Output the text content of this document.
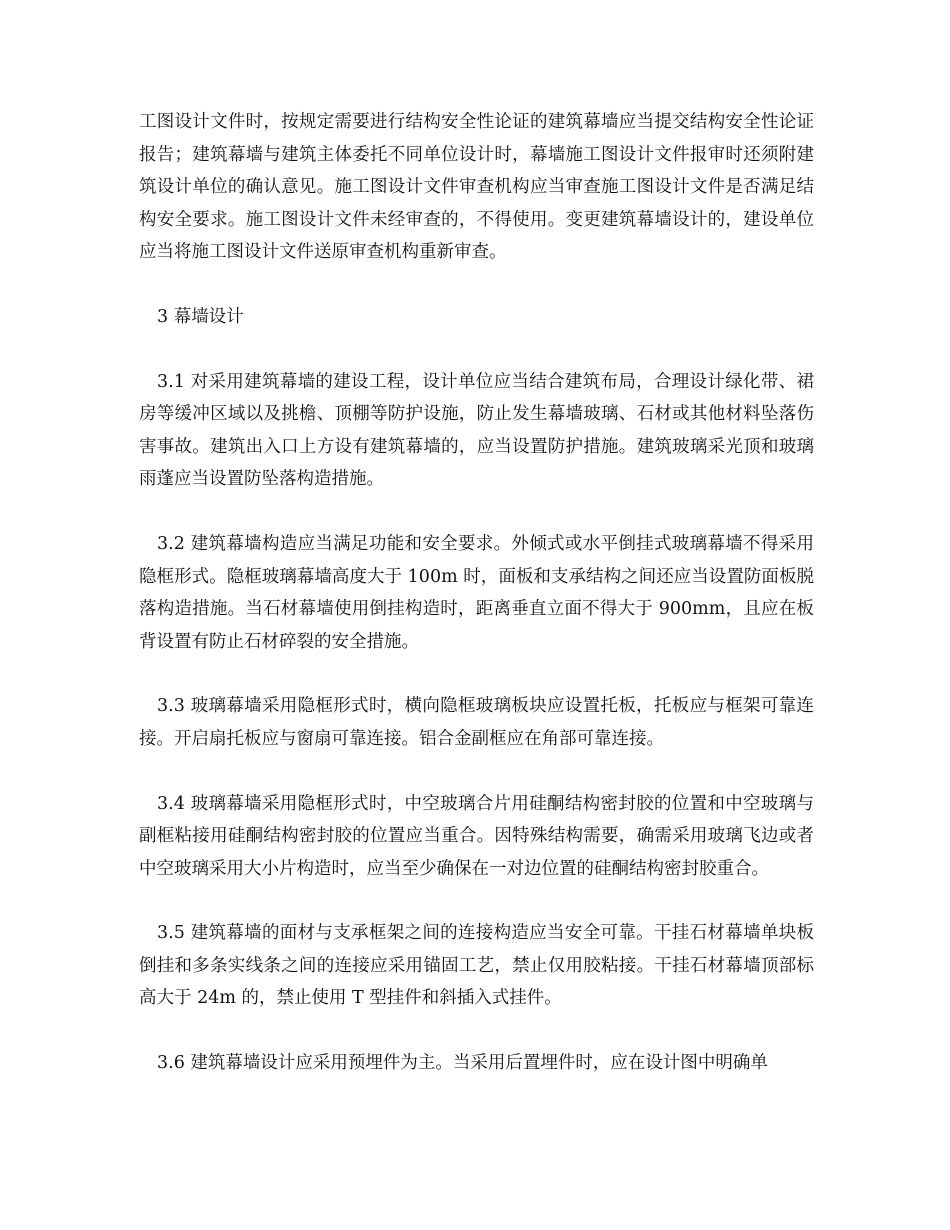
工图设计文件时，按规定需要进行结构安全性论证的建筑幕墙应当提交结构安全性论证报告；建筑幕墙与建筑主体委托不同单位设计时，幕墙施工图设计文件报审时还须附建筑设计单位的确认意见。施工图设计文件审查机构应当审查施工图设计文件是否满足结构安全要求。施工图设计文件未经审查的，不得使用。变更建筑幕墙设计的，建设单位应当将施工图设计文件送原审查机构重新审查。

3 幕墙设计

3.1 对采用建筑幕墙的建设工程，设计单位应当结合建筑布局，合理设计绿化带、裙房等缓冲区域以及挑檐、顶棚等防护设施，防止发生幕墙玻璃、石材或其他材料坠落伤害事故。建筑出入口上方设有建筑幕墙的，应当设置防护措施。建筑玻璃采光顶和玻璃雨蓬应当设置防坠落构造措施。

3.2 建筑幕墙构造应当满足功能和安全要求。外倾式或水平倒挂式玻璃幕墙不得采用隐框形式。隐框玻璃幕墙高度大于 100m 时，面板和支承结构之间还应当设置防面板脱落构造措施。当石材幕墙使用倒挂构造时，距离垂直立面不得大于 900mm，且应在板背设置有防止石材碎裂的安全措施。

3.3 玻璃幕墙采用隐框形式时，横向隐框玻璃板块应设置托板，托板应与框架可靠连接。开启扇托板应与窗扇可靠连接。铝合金副框应在角部可靠连接。

3.4 玻璃幕墙采用隐框形式时，中空玻璃合片用硅酮结构密封胶的位置和中空玻璃与副框粘接用硅酮结构密封胶的位置应当重合。因特殊结构需要，确需采用玻璃飞边或者中空玻璃采用大小片构造时，应当至少确保在一对边位置的硅酮结构密封胶重合。

3.5 建筑幕墙的面材与支承框架之间的连接构造应当安全可靠。干挂石材幕墙单块板倒挂和多条实线条之间的连接应采用锚固工艺，禁止仅用胶粘接。干挂石材幕墙顶部标高大于 24m 的，禁止使用 T 型挂件和斜插入式挂件。

3.6 建筑幕墙设计应采用预埋件为主。当采用后置埋件时，应在设计图中明确单
